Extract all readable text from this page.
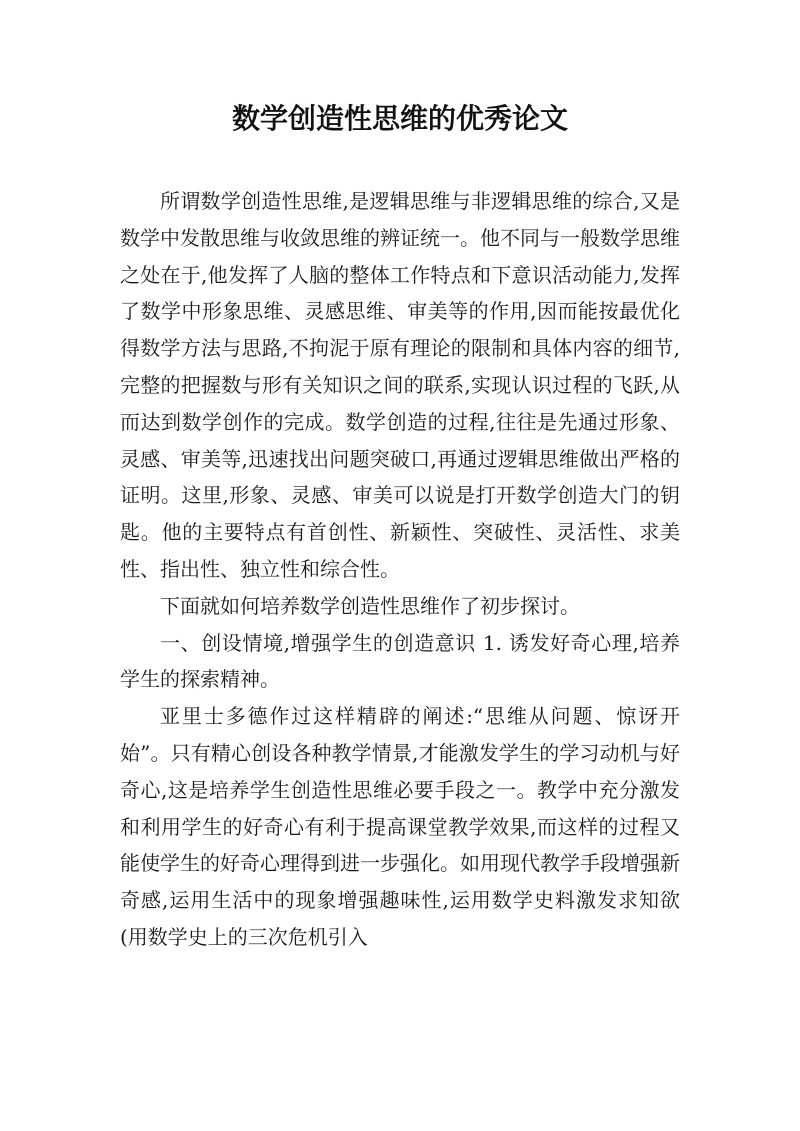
数学创造性思维的优秀论文

所谓数学创造性思维,是逻辑思维与非逻辑思维的综合,又是数学中发散思维与收敛思维的辨证统一。他不同与一般数学思维之处在于,他发挥了人脑的整体工作特点和下意识活动能力,发挥了数学中形象思维、灵感思维、审美等的作用,因而能按最优化得数学方法与思路,不拘泥于原有理论的限制和具体内容的细节,完整的把握数与形有关知识之间的联系,实现认识过程的飞跃,从而达到数学创作的完成。数学创造的过程,往往是先通过形象、灵感、审美等,迅速找出问题突破口,再通过逻辑思维做出严格的证明。这里,形象、灵感、审美可以说是打开数学创造大门的钥匙。他的主要特点有首创性、新颖性、突破性、灵活性、求美性、指出性、独立性和综合性。

下面就如何培养数学创造性思维作了初步探讨。

一、创设情境,增强学生的创造意识 1. 诱发好奇心理,培养学生的探索精神。

亚里士多德作过这样精辟的阐述:“思维从问题、惊讶开始”。只有精心创设各种教学情景,才能激发学生的学习动机与好奇心,这是培养学生创造性思维必要手段之一。教学中充分激发和利用学生的好奇心有利于提高课堂教学效果,而这样的过程又能使学生的好奇心理得到进一步强化。如用现代教学手段增强新奇感,运用生活中的现象增强趣味性,运用数学史料激发求知欲(用数学史上的三次危机引入
